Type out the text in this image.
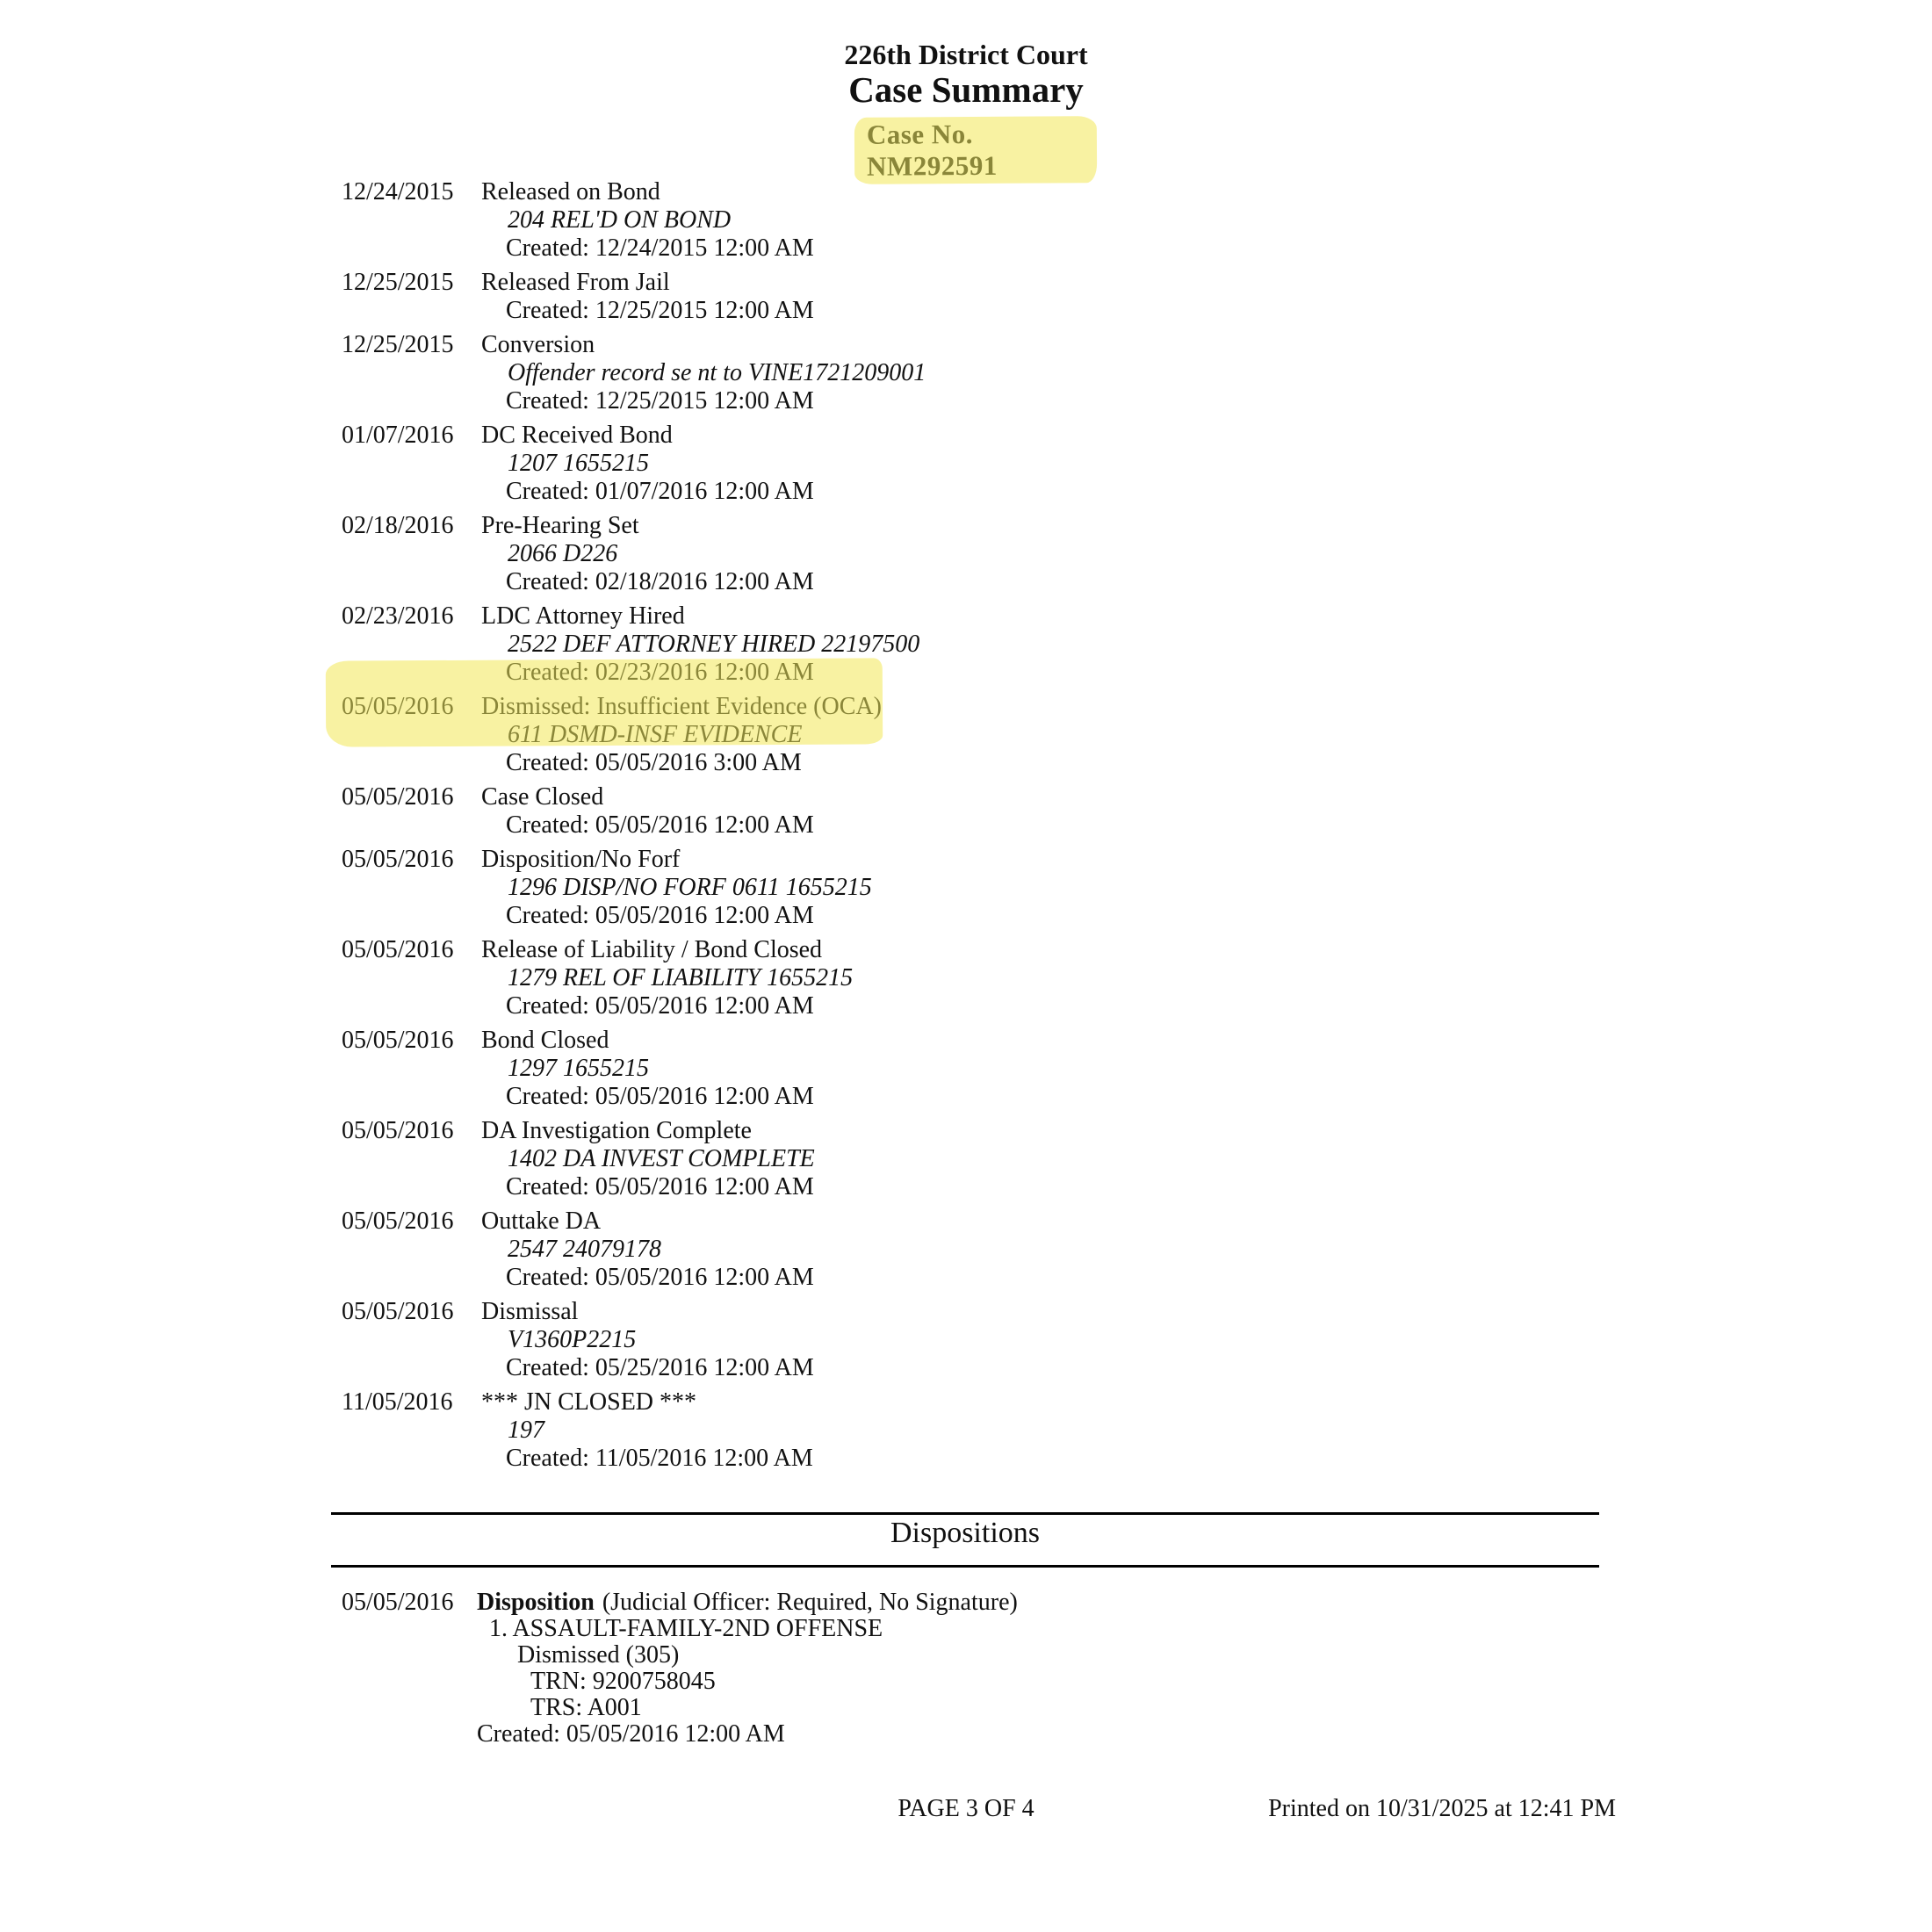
226th District Court
Case Summary
Case No. NM292591
12/24/2015 Released on Bond
204 REL'D ON BOND
Created: 12/24/2015 12:00 AM
12/25/2015 Released From Jail
Created: 12/25/2015 12:00 AM
12/25/2015 Conversion
Offender record se nt to VINE1721209001
Created: 12/25/2015 12:00 AM
01/07/2016 DC Received Bond
1207 1655215
Created: 01/07/2016 12:00 AM
02/18/2016 Pre-Hearing Set
2066 D226
Created: 02/18/2016 12:00 AM
02/23/2016 LDC Attorney Hired
2522 DEF ATTORNEY HIRED 22197500
Created: 02/23/2016 12:00 AM
05/05/2016 Dismissed: Insufficient Evidence (OCA)
611 DSMD-INSF EVIDENCE
Created: 05/05/2016 3:00 AM
05/05/2016 Case Closed
Created: 05/05/2016 12:00 AM
05/05/2016 Disposition/No Forf
1296 DISP/NO FORF 0611 1655215
Created: 05/05/2016 12:00 AM
05/05/2016 Release of Liability / Bond Closed
1279 REL OF LIABILITY 1655215
Created: 05/05/2016 12:00 AM
05/05/2016 Bond Closed
1297 1655215
Created: 05/05/2016 12:00 AM
05/05/2016 DA Investigation Complete
1402 DA INVEST COMPLETE
Created: 05/05/2016 12:00 AM
05/05/2016 Outtake DA
2547 24079178
Created: 05/05/2016 12:00 AM
05/05/2016 Dismissal
V1360P2215
Created: 05/25/2016 12:00 AM
11/05/2016 *** JN CLOSED ***
197
Created: 11/05/2016 12:00 AM
Dispositions
05/05/2016 Disposition (Judicial Officer: Required, No Signature)
1. ASSAULT-FAMILY-2ND OFFENSE
Dismissed (305)
TRN: 9200758045
TRS: A001
Created: 05/05/2016 12:00 AM
PAGE 3 OF 4	Printed on 10/31/2025 at 12:41 PM
